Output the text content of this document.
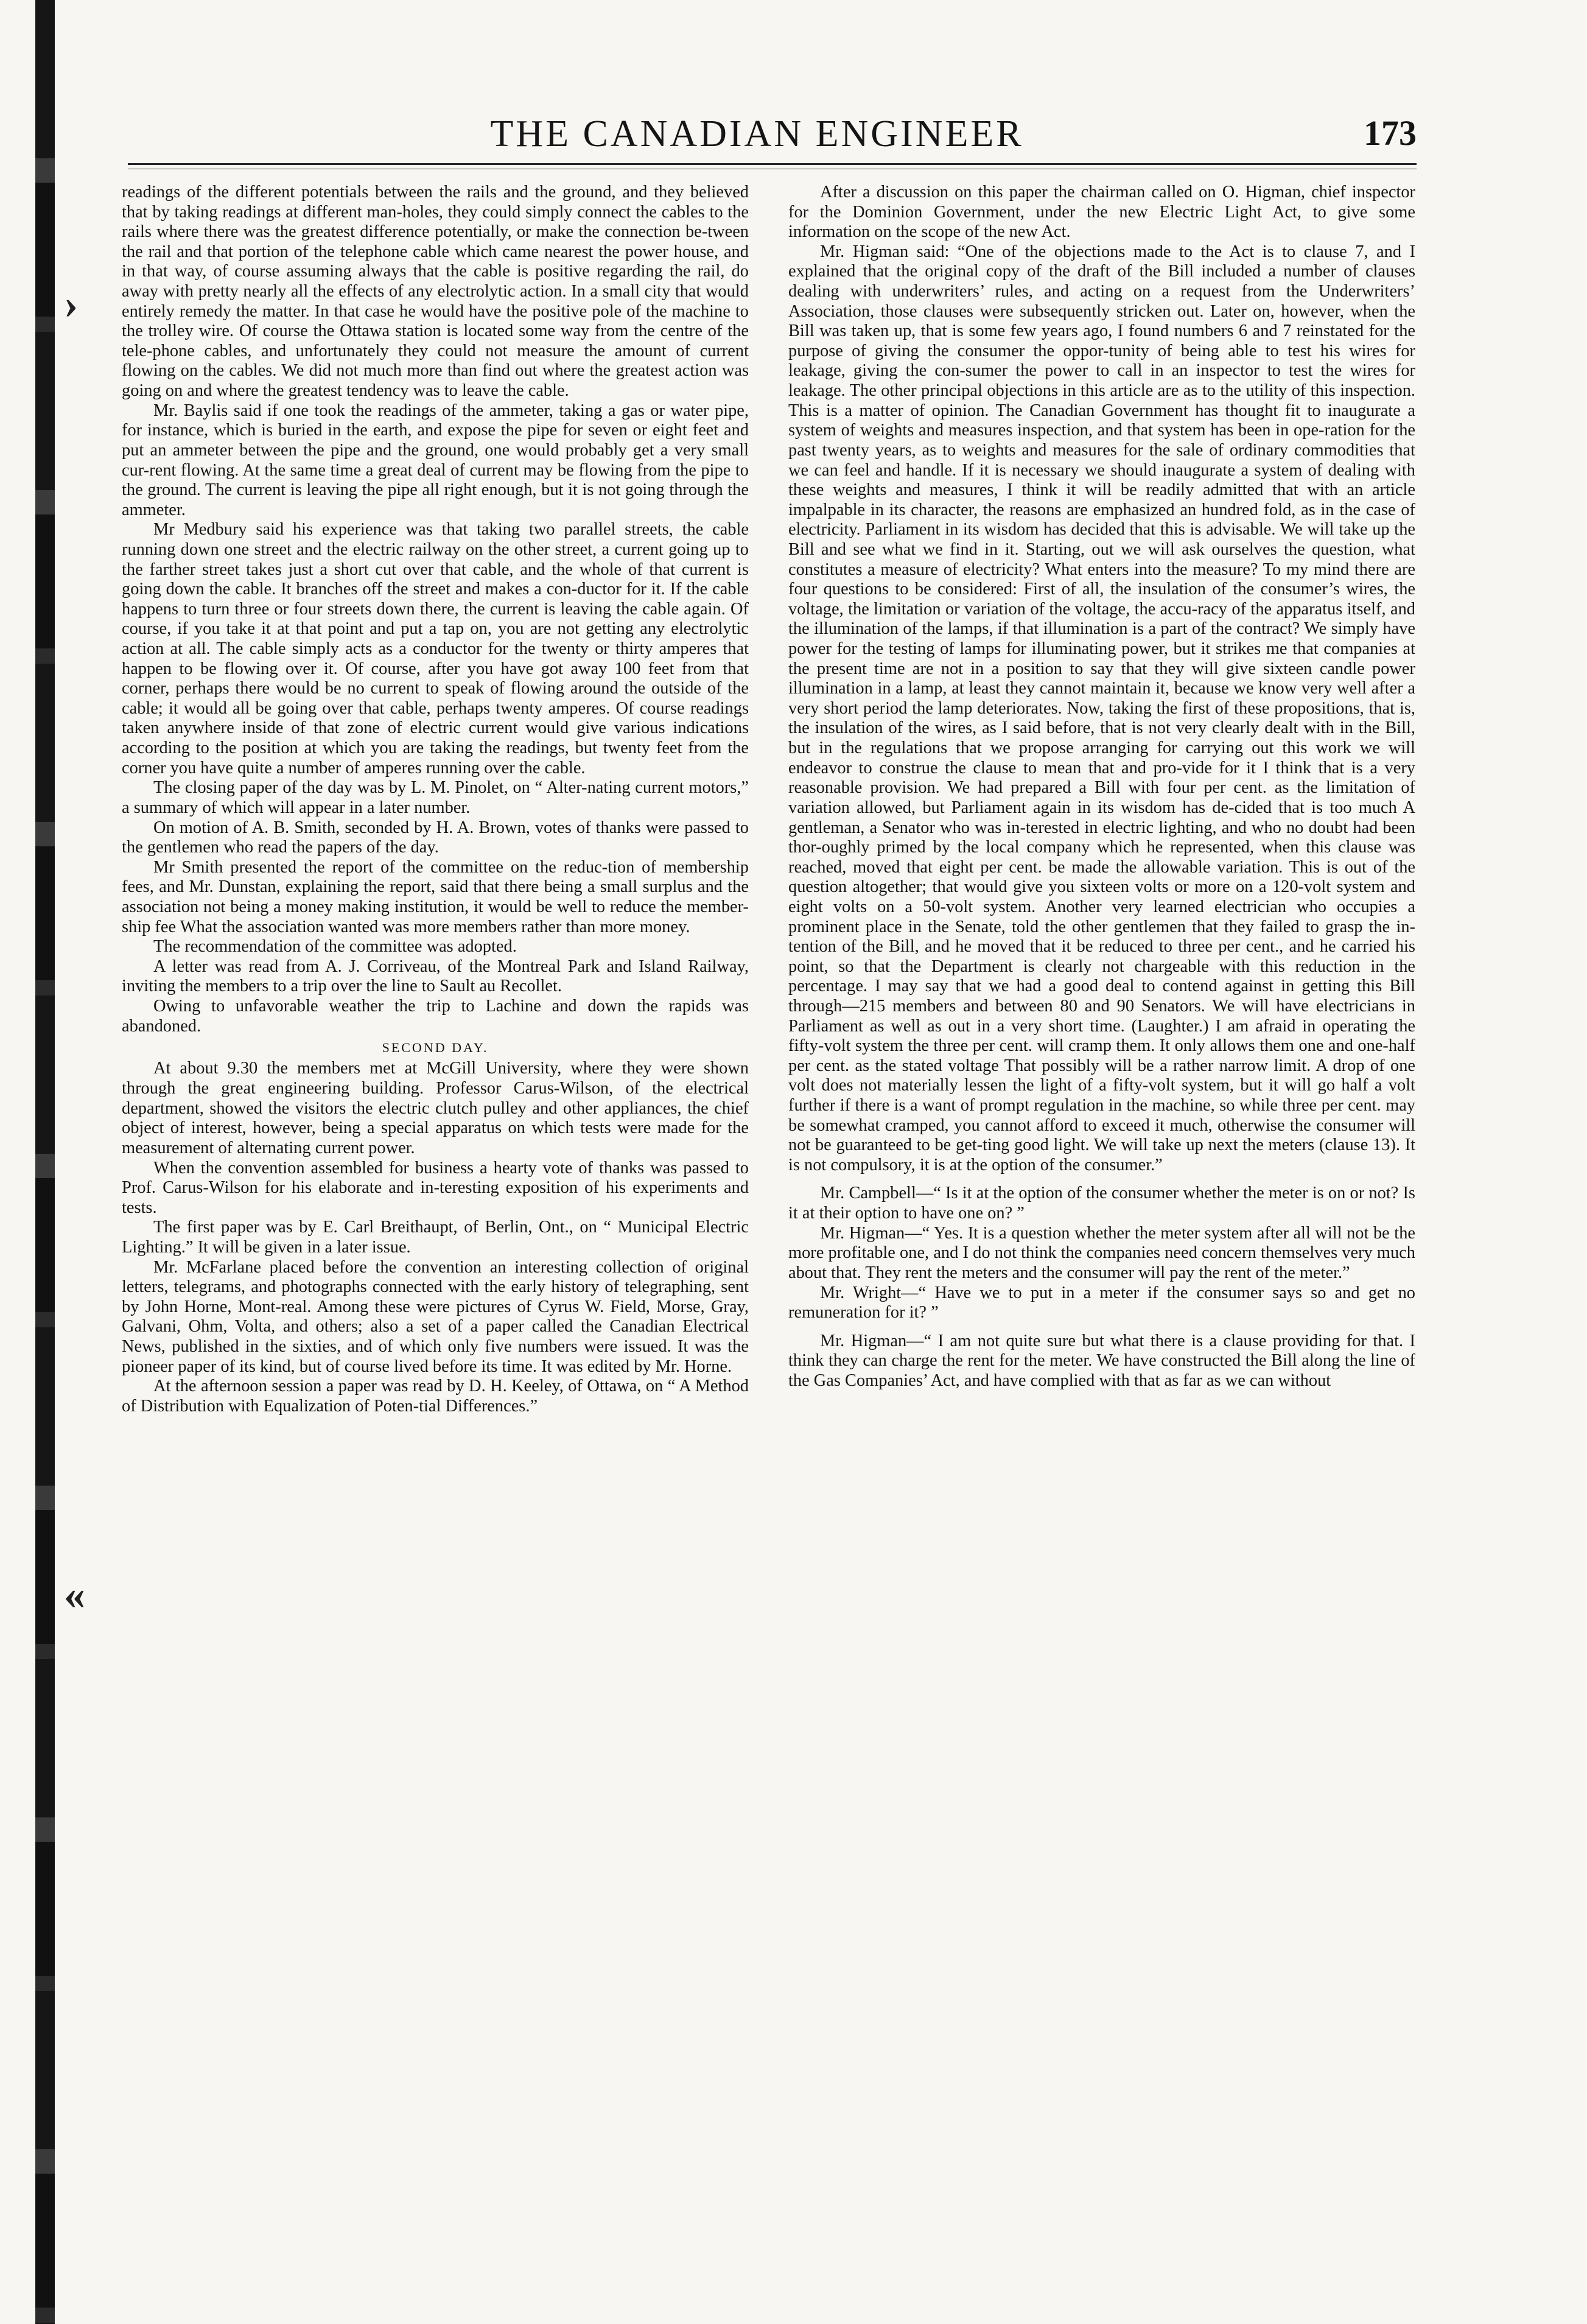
›
«
THE CANADIAN ENGINEER	173

readings of the different potentials between the rails and the ground, and they believed that by taking readings at different man-holes, they could simply connect the cables to the rails where there was the greatest difference potentially, or make the connection be-tween the rail and that portion of the telephone cable which came nearest the power house, and in that way, of course assuming always that the cable is positive regarding the rail, do away with pretty nearly all the effects of any electrolytic action. In a small city that would entirely remedy the matter. In that case he would have the positive pole of the machine to the trolley wire. Of course the Ottawa station is located some way from the centre of the tele-phone cables, and unfortunately they could not measure the amount of current flowing on the cables. We did not much more than find out where the greatest action was going on and where the greatest tendency was to leave the cable.

Mr. Baylis said if one took the readings of the ammeter, taking a gas or water pipe, for instance, which is buried in the earth, and expose the pipe for seven or eight feet and put an ammeter between the pipe and the ground, one would probably get a very small cur-rent flowing. At the same time a great deal of current may be flowing from the pipe to the ground. The current is leaving the pipe all right enough, but it is not going through the ammeter.

Mr Medbury said his experience was that taking two parallel streets, the cable running down one street and the electric railway on the other street, a current going up to the farther street takes just a short cut over that cable, and the whole of that current is going down the cable. It branches off the street and makes a con-ductor for it. If the cable happens to turn three or four streets down there, the current is leaving the cable again. Of course, if you take it at that point and put a tap on, you are not getting any electrolytic action at all. The cable simply acts as a conductor for the twenty or thirty amperes that happen to be flowing over it. Of course, after you have got away 100 feet from that corner, perhaps there would be no current to speak of flowing around the outside of the cable; it would all be going over that cable, perhaps twenty amperes. Of course readings taken anywhere inside of that zone of electric current would give various indications according to the position at which you are taking the readings, but twenty feet from the corner you have quite a number of amperes running over the cable.

The closing paper of the day was by L. M. Pinolet, on “ Alter-nating current motors,” a summary of which will appear in a later number.

On motion of A. B. Smith, seconded by H. A. Brown, votes of thanks were passed to the gentlemen who read the papers of the day.

Mr Smith presented the report of the committee on the reduc-tion of membership fees, and Mr. Dunstan, explaining the report, said that there being a small surplus and the association not being a money making institution, it would be well to reduce the member-ship fee What the association wanted was more members rather than more money.

The recommendation of the committee was adopted.

A letter was read from A. J. Corriveau, of the Montreal Park and Island Railway, inviting the members to a trip over the line to Sault au Recollet.

Owing to unfavorable weather the trip to Lachine and down the rapids was abandoned.

SECOND DAY.

At about 9.30 the members met at McGill University, where they were shown through the great engineering building. Professor Carus-Wilson, of the electrical department, showed the visitors the electric clutch pulley and other appliances, the chief object of interest, however, being a special apparatus on which tests were made for the measurement of alternating current power.

When the convention assembled for business a hearty vote of thanks was passed to Prof. Carus-Wilson for his elaborate and in-teresting exposition of his experiments and tests.

The first paper was by E. Carl Breithaupt, of Berlin, Ont., on “ Municipal Electric Lighting.” It will be given in a later issue.

Mr. McFarlane placed before the convention an interesting collection of original letters, telegrams, and photographs connected with the early history of telegraphing, sent by John Horne, Mont-real. Among these were pictures of Cyrus W. Field, Morse, Gray, Galvani, Ohm, Volta, and others; also a set of a paper called the Canadian Electrical News, published in the sixties, and of which only five numbers were issued. It was the pioneer paper of its kind, but of course lived before its time. It was edited by Mr. Horne.

At the afternoon session a paper was read by D. H. Keeley, of Ottawa, on “ A Method of Distribution with Equalization of Poten-tial Differences.”

After a discussion on this paper the chairman called on O. Higman, chief inspector for the Dominion Government, under the new Electric Light Act, to give some information on the scope of the new Act.

Mr. Higman said: “One of the objections made to the Act is to clause 7, and I explained that the original copy of the draft of the Bill included a number of clauses dealing with underwriters’ rules, and acting on a request from the Underwriters’ Association, those clauses were subsequently stricken out. Later on, however, when the Bill was taken up, that is some few years ago, I found numbers 6 and 7 reinstated for the purpose of giving the consumer the oppor-tunity of being able to test his wires for leakage, giving the con-sumer the power to call in an inspector to test the wires for leakage. The other principal objections in this article are as to the utility of this inspection. This is a matter of opinion. The Canadian Government has thought fit to inaugurate a system of weights and measures inspection, and that system has been in ope-ration for the past twenty years, as to weights and measures for the sale of ordinary commodities that we can feel and handle. If it is necessary we should inaugurate a system of dealing with these weights and measures, I think it will be readily admitted that with an article impalpable in its character, the reasons are emphasized an hundred fold, as in the case of electricity. Parliament in its wisdom has decided that this is advisable. We will take up the Bill and see what we find in it. Starting, out we will ask ourselves the question, what constitutes a measure of electricity? What enters into the measure? To my mind there are four questions to be considered: First of all, the insulation of the consumer’s wires, the voltage, the limitation or variation of the voltage, the accu-racy of the apparatus itself, and the illumination of the lamps, if that illumination is a part of the contract? We simply have power for the testing of lamps for illuminating power, but it strikes me that companies at the present time are not in a position to say that they will give sixteen candle power illumination in a lamp, at least they cannot maintain it, because we know very well after a very short period the lamp deteriorates. Now, taking the first of these propositions, that is, the insulation of the wires, as I said before, that is not very clearly dealt with in the Bill, but in the regulations that we propose arranging for carrying out this work we will endeavor to construe the clause to mean that and pro-vide for it I think that is a very reasonable provision. We had prepared a Bill with four per cent. as the limitation of variation allowed, but Parliament again in its wisdom has de-cided that is too much A gentleman, a Senator who was in-terested in electric lighting, and who no doubt had been thor-oughly primed by the local company which he represented, when this clause was reached, moved that eight per cent. be made the allowable variation. This is out of the question altogether; that would give you sixteen volts or more on a 120-volt system and eight volts on a 50-volt system. Another very learned electrician who occupies a prominent place in the Senate, told the other gentlemen that they failed to grasp the in-tention of the Bill, and he moved that it be reduced to three per cent., and he carried his point, so that the Department is clearly not chargeable with this reduction in the percentage. I may say that we had a good deal to contend against in getting this Bill through—215 members and between 80 and 90 Senators. We will have electricians in Parliament as well as out in a very short time. (Laughter.) I am afraid in operating the fifty-volt system the three per cent. will cramp them. It only allows them one and one-half per cent. as the stated voltage That possibly will be a rather narrow limit. A drop of one volt does not materially lessen the light of a fifty-volt system, but it will go half a volt further if there is a want of prompt regulation in the machine, so while three per cent. may be somewhat cramped, you cannot afford to exceed it much, otherwise the consumer will not be guaranteed to be get-ting good light. We will take up next the meters (clause 13). It is not compulsory, it is at the option of the consumer.”

Mr. Campbell—“ Is it at the option of the consumer whether the meter is on or not? Is it at their option to have one on? ”

Mr. Higman—“ Yes. It is a question whether the meter system after all will not be the more profitable one, and I do not think the companies need concern themselves very much about that. They rent the meters and the consumer will pay the rent of the meter.”

Mr. Wright—“ Have we to put in a meter if the consumer says so and get no remuneration for it? ”

Mr. Higman—“ I am not quite sure but what there is a clause providing for that. I think they can charge the rent for the meter. We have constructed the Bill along the line of the Gas Companies’ Act, and have complied with that as far as we can without
